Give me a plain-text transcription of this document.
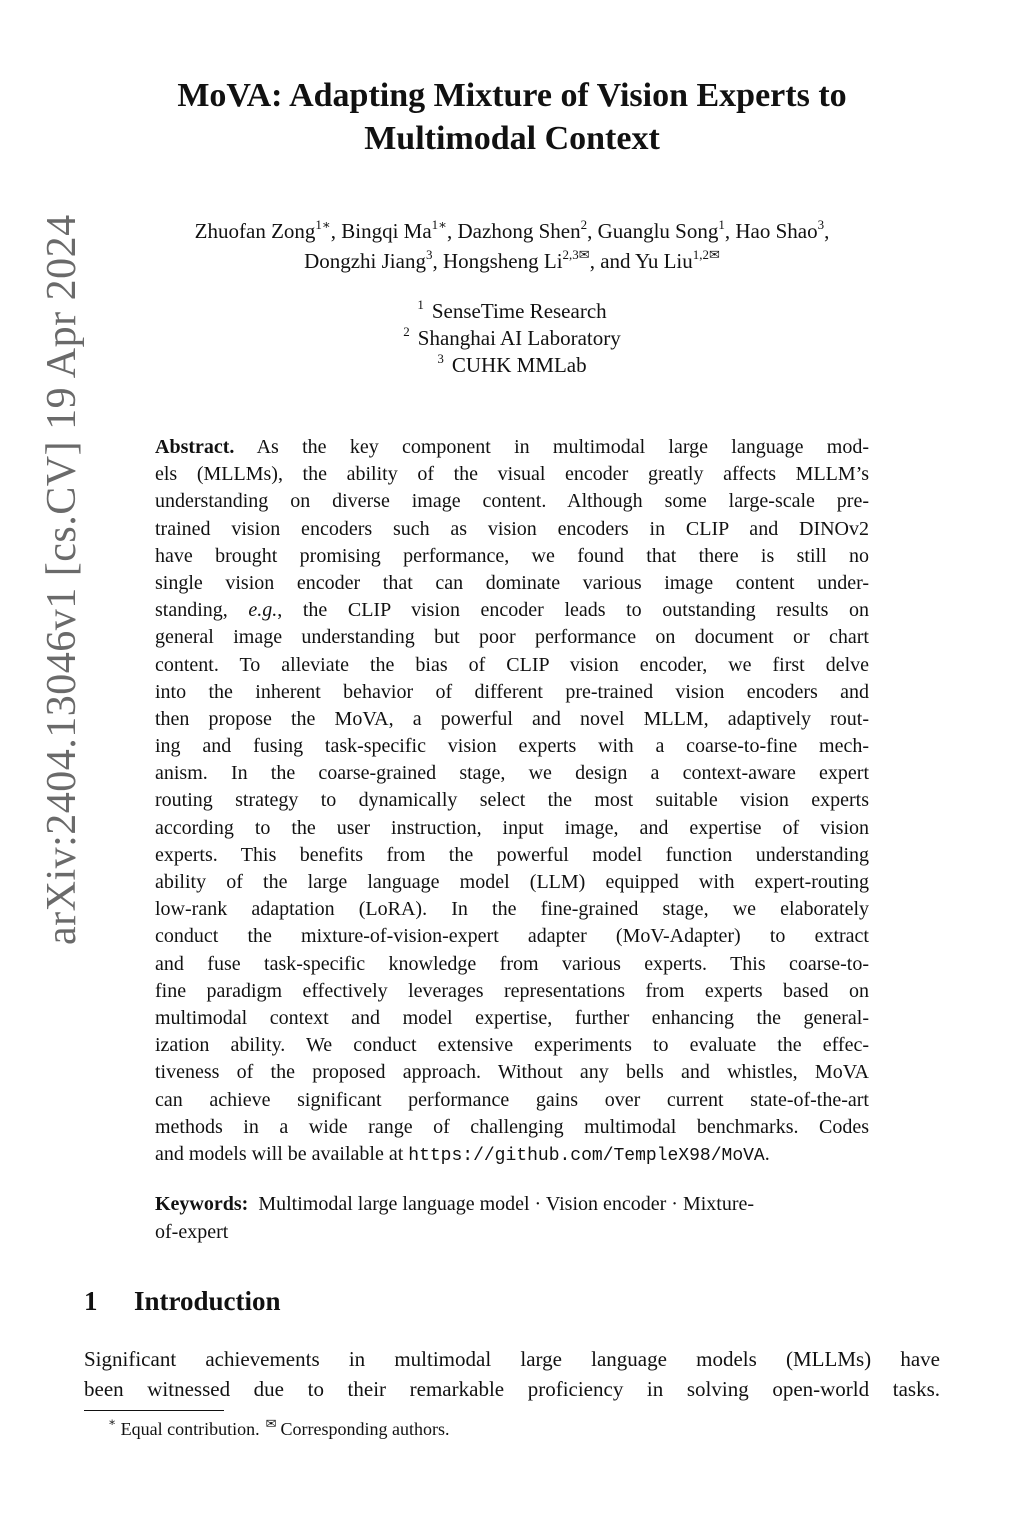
arXiv:2404.13046v1 [cs.CV] 19 Apr 2024
MoVA: Adapting Mixture of Vision Experts to
Multimodal Context
Zhuofan Zong$^{1∗}$, Bingqi $Ma^{1∗}$, Dazhong Shen$^2$, Guanglu Song$^1$, Hao Shao$^3$,
Dongzhi Jiang$^3$, Hongsheng $Li^{2,3✉}$, and Yu Liu$^{1,2✉}$
$^1$ SenseTime Research
$^2$ Shanghai AI Laboratory
$^3$ CUHK MMLab
Abstract. As the key component in multimodal large language mod-
els (MLLMs), the ability of the visual encoder greatly affects MLLM’s
understanding on diverse image content. Although some large-scale pre-
trained vision encoders such as vision encoders in CLIP and DINOv2
have brought promising performance, we found that there is still no
single vision encoder that can dominate various image content under-
standing, e.g., the CLIP vision encoder leads to outstanding results on
general image understanding but poor performance on document or chart
content. To alleviate the bias of CLIP vision encoder, we first delve
into the inherent behavior of different pre-trained vision encoders and
then propose the MoVA, a powerful and novel MLLM, adaptively rout-
ing and fusing task-specific vision experts with a coarse-to-fine mech-
anism. In the coarse-grained stage, we design a context-aware expert
routing strategy to dynamically select the most suitable vision experts
according to the user instruction, input image, and expertise of vision
experts. This benefits from the powerful model function understanding
ability of the large language model (LLM) equipped with expert-routing
low-rank adaptation (LoRA). In the fine-grained stage, we elaborately
conduct the mixture-of-vision-expert adapter (MoV-Adapter) to extract
and fuse task-specific knowledge from various experts. This coarse-to-
fine paradigm effectively leverages representations from experts based on
multimodal context and model expertise, further enhancing the general-
ization ability. We conduct extensive experiments to evaluate the effec-
tiveness of the proposed approach. Without any bells and whistles, MoVA
can achieve significant performance gains over current state-of-the-art
methods in a wide range of challenging multimodal benchmarks. Codes
and models will be available at https://github.com/TempleX98/MoVA.
Keywords: Multimodal large language model · Vision encoder · Mixture-
of-expert
1 Introduction
Significant achievements in multimodal large language models (MLLMs) have
been witnessed due to their remarkable proficiency in solving open-world tasks.
∗ Equal contribution. ✉ Corresponding authors.
